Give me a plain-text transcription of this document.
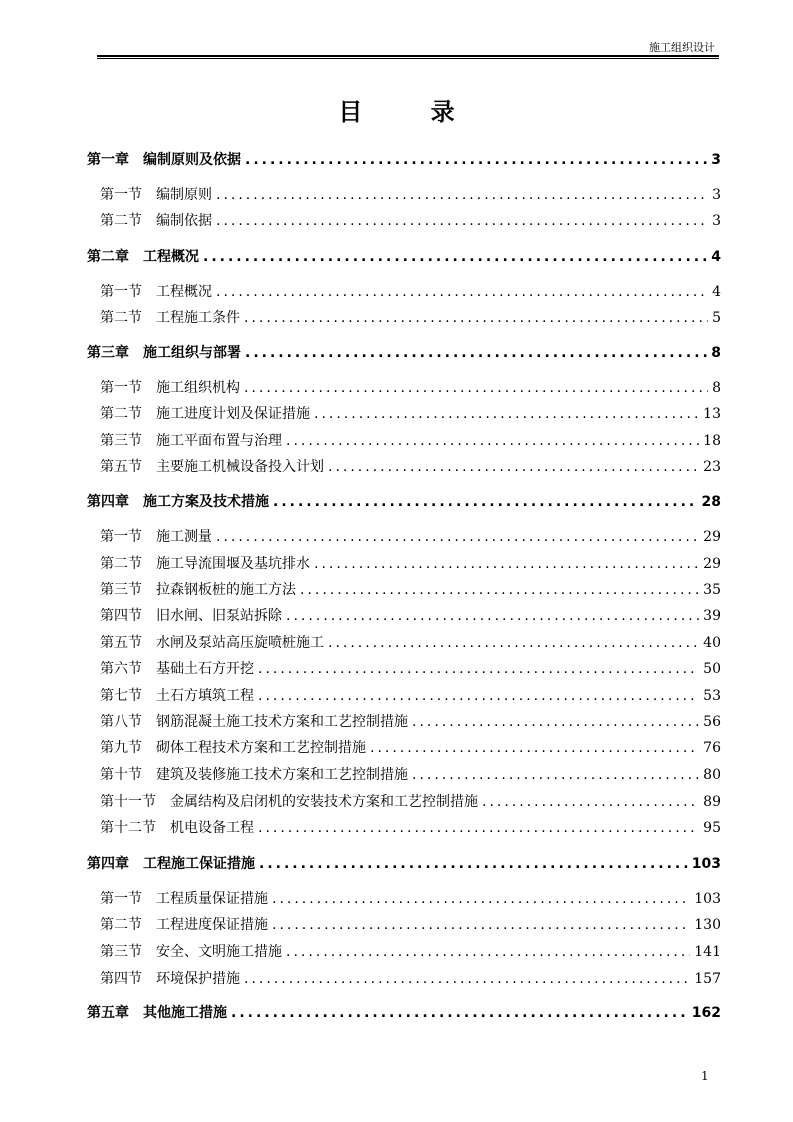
施工组织设计
目 录
第一章 编制原则及依据 .....	3
第一节 编制原则 .....	3
第二节 编制依据 .....	3
第二章 工程概况 .....	4
第一节 工程概况 .....	4
第二节 工程施工条件 .....	5
第三章 施工组织与部署 .....	8
第一节 施工组织机构 .....	8
第二节 施工进度计划及保证措施 .....	13
第三节 施工平面布置与治理 .....	18
第五节 主要施工机械设备投入计划 .....	23
第四章 施工方案及技术措施 .....	28
第一节 施工测量 .....	29
第二节 施工导流围堰及基坑排水 .....	29
第三节 拉森钢板桩的施工方法 .....	35
第四节 旧水闸、旧泵站拆除 .....	39
第五节 水闸及泵站高压旋喷桩施工 .....	40
第六节 基础土石方开挖 .....	50
第七节 土石方填筑工程 .....	53
第八节 钢筋混凝土施工技术方案和工艺控制措施 .....	56
第九节 砌体工程技术方案和工艺控制措施 .....	76
第十节 建筑及装修施工技术方案和工艺控制措施 .....	80
第十一节 金属结构及启闭机的安装技术方案和工艺控制措施 .....	89
第十二节 机电设备工程 .....	95
第四章 工程施工保证措施 .....	103
第一节 工程质量保证措施 .....	103
第二节 工程进度保证措施 .....	130
第三节 安全、文明施工措施 .....	141
第四节 环境保护措施 .....	157
第五章 其他施工措施 .....	162
1
